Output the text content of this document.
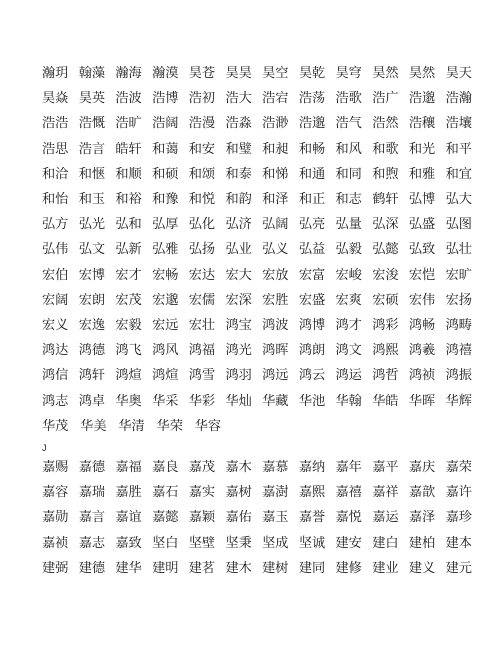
瀚玥 翰藻 瀚海 瀚漠 昊苍 昊昊 昊空 昊乾 昊穹 昊然 昊然 昊天
昊焱 昊英 浩波 浩博 浩初 浩大 浩宕 浩荡 浩歌 浩广 浩邈 浩瀚
浩浩 浩慨 浩旷 浩阔 浩漫 浩淼 浩渺 浩邈 浩气 浩然 浩穰 浩壤
浩思 浩言 皓轩 和蔼 和安 和璧 和昶 和畅 和风 和歌 和光 和平
和洽 和惬 和顺 和硕 和颂 和泰 和悌 和通 和同 和煦 和雅 和宜
和怡 和玉 和裕 和豫 和悦 和韵 和泽 和正 和志 鹤轩 弘博 弘大
弘方 弘光 弘和 弘厚 弘化 弘济 弘阔 弘亮 弘量 弘深 弘盛 弘图
弘伟 弘文 弘新 弘雅 弘扬 弘业 弘义 弘益 弘毅 弘懿 弘致 弘壮
宏伯 宏博 宏才 宏畅 宏达 宏大 宏放 宏富 宏峻 宏浚 宏恺 宏旷
宏阔 宏朗 宏茂 宏邈 宏儒 宏深 宏胜 宏盛 宏爽 宏硕 宏伟 宏扬
宏义 宏逸 宏毅 宏远 宏壮 鸿宝 鸿波 鸿博 鸿才 鸿彩 鸿畅 鸿畴
鸿达 鸿德 鸿飞 鸿风 鸿福 鸿光 鸿晖 鸿朗 鸿文 鸿熙 鸿羲 鸿禧
鸿信 鸿轩 鸿煊 鸿煊 鸿雪 鸿羽 鸿远 鸿云 鸿运 鸿哲 鸿祯 鸿振
鸿志 鸿卓 华奥 华采 华彩 华灿 华藏 华池 华翰 华皓 华晖 华辉
华茂 华美 华清 华荣 华容
J
嘉赐 嘉德 嘉福 嘉良 嘉茂 嘉木 嘉慕 嘉纳 嘉年 嘉平 嘉庆 嘉荣
嘉容 嘉瑞 嘉胜 嘉石 嘉实 嘉树 嘉澍 嘉熙 嘉禧 嘉祥 嘉歆 嘉许
嘉勋 嘉言 嘉谊 嘉懿 嘉颖 嘉佑 嘉玉 嘉誉 嘉悦 嘉运 嘉泽 嘉珍
嘉祯 嘉志 嘉致 坚白 坚壁 坚秉 坚成 坚诚 建安 建白 建柏 建本
建弼 建德 建华 建明 建茗 建木 建树 建同 建修 建业 建义 建元
